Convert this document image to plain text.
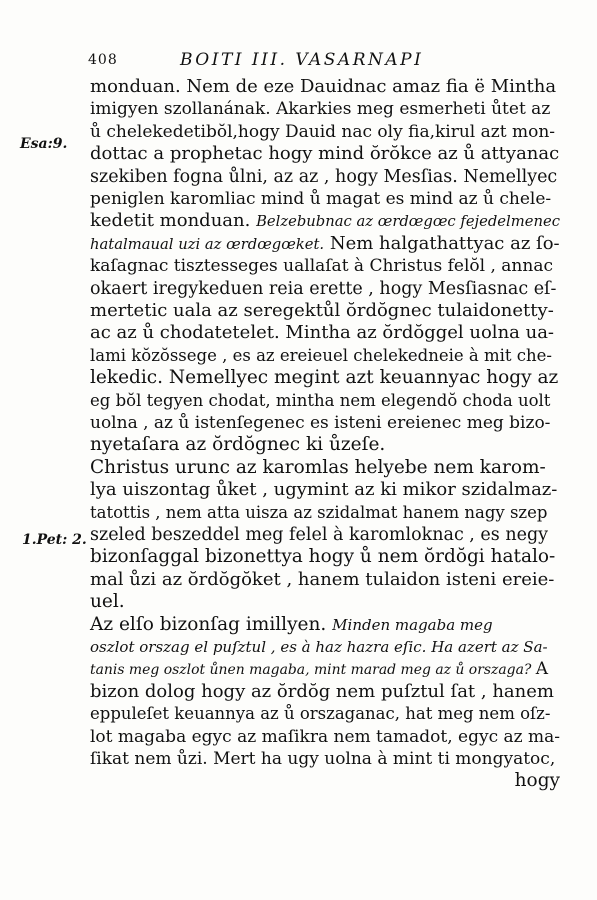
408	BOITI III. VASARNAPI
Esa:9.
1.Pet: 2.
monduan. Nem de eze Dauidnac amaz fia ë Mintha
imigyen szollanának. Akarkies meg esmerheti ůtet az
ů chelekedetibŏl,hogy Dauid nac oly fia,kirul azt mon-
dottac a prophetac hogy mind ŏrŏkce az ů attyanac
szekiben fogna ůlni, az az , hogy Mesſias. Nemellyec
peniglen karomliac mind ů magat es mind az ů chele-
kedetit monduan. Belzebubnac az œrdœgœc fejedelmenec
hatalmaual uzi az œrdœgœket. Nem halgathattyac az ſo-
kaſagnac tisztesseges uallaſat à Christus felŏl , annac
okaert iregykeduen reia erette , hogy Mesſiasnac eſ-
mertetic uala az seregektůl ŏrdŏgnec tulaidonetty-
ac az ů chodatetelet. Mintha az ŏrdŏggel uolna ua-
lami kŏzŏssege , es az ereieuel chelekedneie à mit che-
lekedic. Nemellyec megint azt keuannyac hogy az
eg bŏl tegyen chodat, mintha nem elegendŏ choda uolt
uolna , az ů istenſegenec es isteni ereienec meg bizo-
nyetaſara az ŏrdŏgnec ki ůzeſe.
Christus urunc az karomlas helyebe nem karom-
lya uiszontag ůket , ugymint az ki mikor szidalmaz-
tatottis , nem atta uisza az szidalmat hanem nagy szep
szeled beszeddel meg felel à karomloknac , es negy
bizonſaggal bizonettya hogy ů nem ŏrdŏgi hatalo-
mal ůzi az ŏrdŏgŏket , hanem tulaidon isteni ereie-
uel.
Az elſo bizonſag imillyen. Minden magaba meg
oszlot orszag el puſztul , es à haz hazra eſic. Ha azert az Sa-
tanis meg oszlot ůnen magaba, mint marad meg az ů orszaga? A
bizon dolog hogy az ŏrdŏg nem puſztul ſat , hanem
eppuleſet keuannya az ů orszaganac, hat meg nem oſz-
lot magaba egyc az maſikra nem tamadot, egyc az ma-
ſikat nem ůzi. Mert ha ugy uolna à mint ti mongyatoc,
hogy
